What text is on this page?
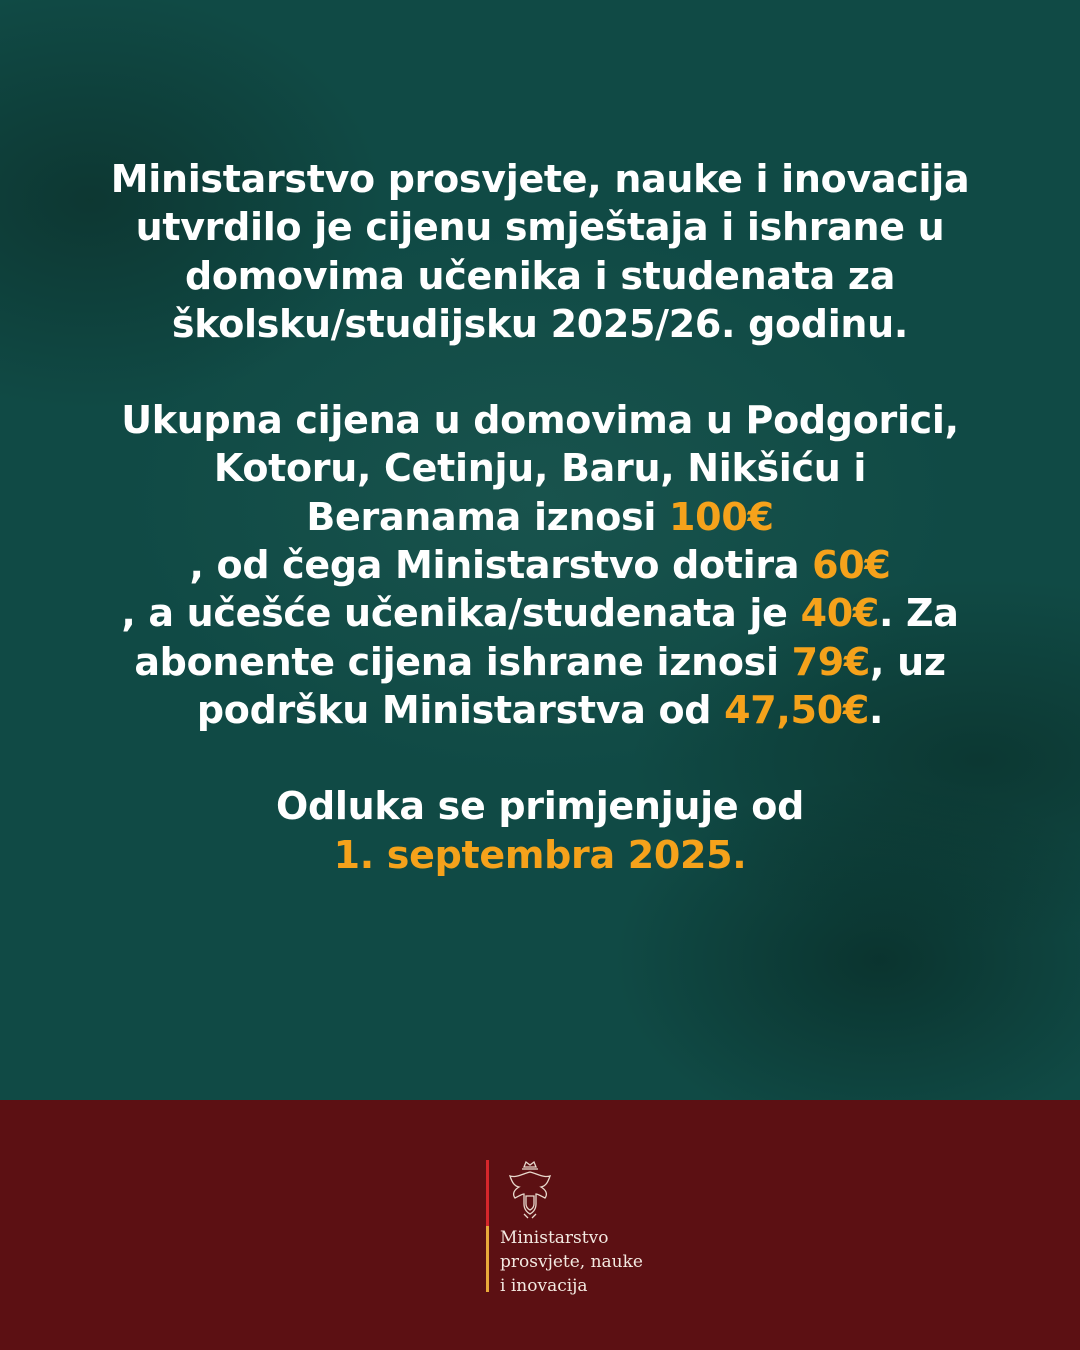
Ministarstvo prosvjete, nauke i inovacija utvrdilo je cijenu smještaja i ishrane u domovima učenika i studenata za školsku/studijsku 2025/26. godinu.

Ukupna cijena u domovima u Podgorici, Kotoru, Cetinju, Baru, Nikšiću i Beranama iznosi 100€
, od čega Ministarstvo dotira 60€
, a učešće učenika/studenata je 40€. Za abonente cijena ishrane iznosi 79€, uz podršku Ministarstva od 47,50€.

Odluka se primjenjuje od
1. septembra 2025.

Ministarstvo
prosvjete, nauke
i inovacija
